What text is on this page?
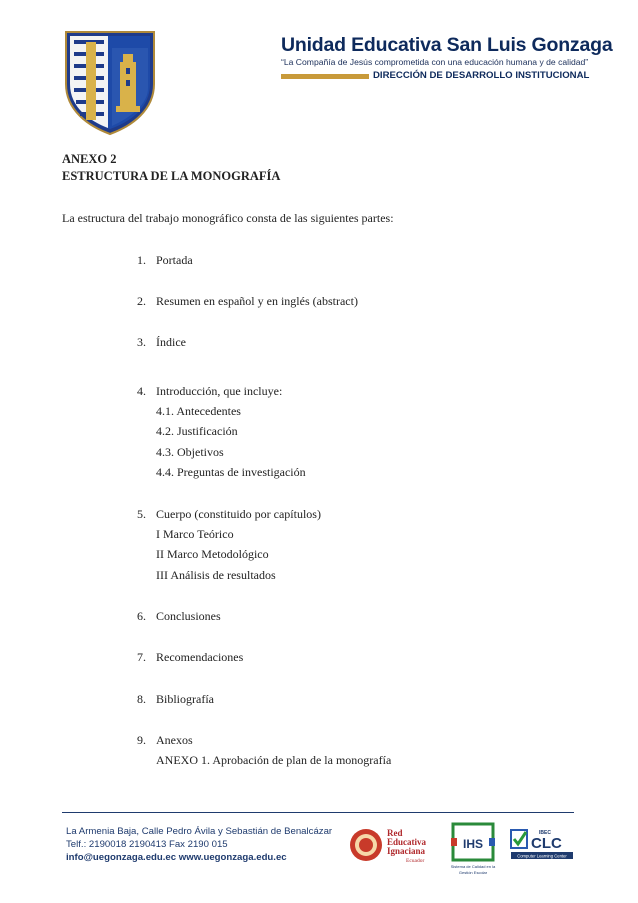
Unidad Educativa San Luis Gonzaga
“La Compañía de Jesús comprometida con una educación humana y de calidad”
DIRECCIÓN DE DESARROLLO INSTITUCIONAL
ANEXO 2
ESTRUCTURA DE LA MONOGRAFÍA
La estructura del trabajo monográfico consta de las siguientes partes:
1. Portada
2. Resumen en español y en inglés (abstract)
3. Índice
4. Introducción, que incluye:
4.1. Antecedentes
4.2. Justificación
4.3. Objetivos
4.4. Preguntas de investigación
5. Cuerpo (constituido por capítulos)
I Marco Teórico
II Marco Metodológico
III Análisis de resultados
6. Conclusiones
7. Recomendaciones
8. Bibliografía
9. Anexos
ANEXO 1. Aprobación de plan de la monografía
La Armenia Baja, Calle Pedro Ávila y Sebastián de Benalcázar
Telf.: 2190018 2190413 Fax 2190 015
info@uegonzaga.edu.ec www.uegonzaga.edu.ec
Red
Educativa
Ignaciana
Ecuador
IHS
Sistema de Calidad en la
Gestión Escolar
IBEC
CLC
Computer Learning Center
